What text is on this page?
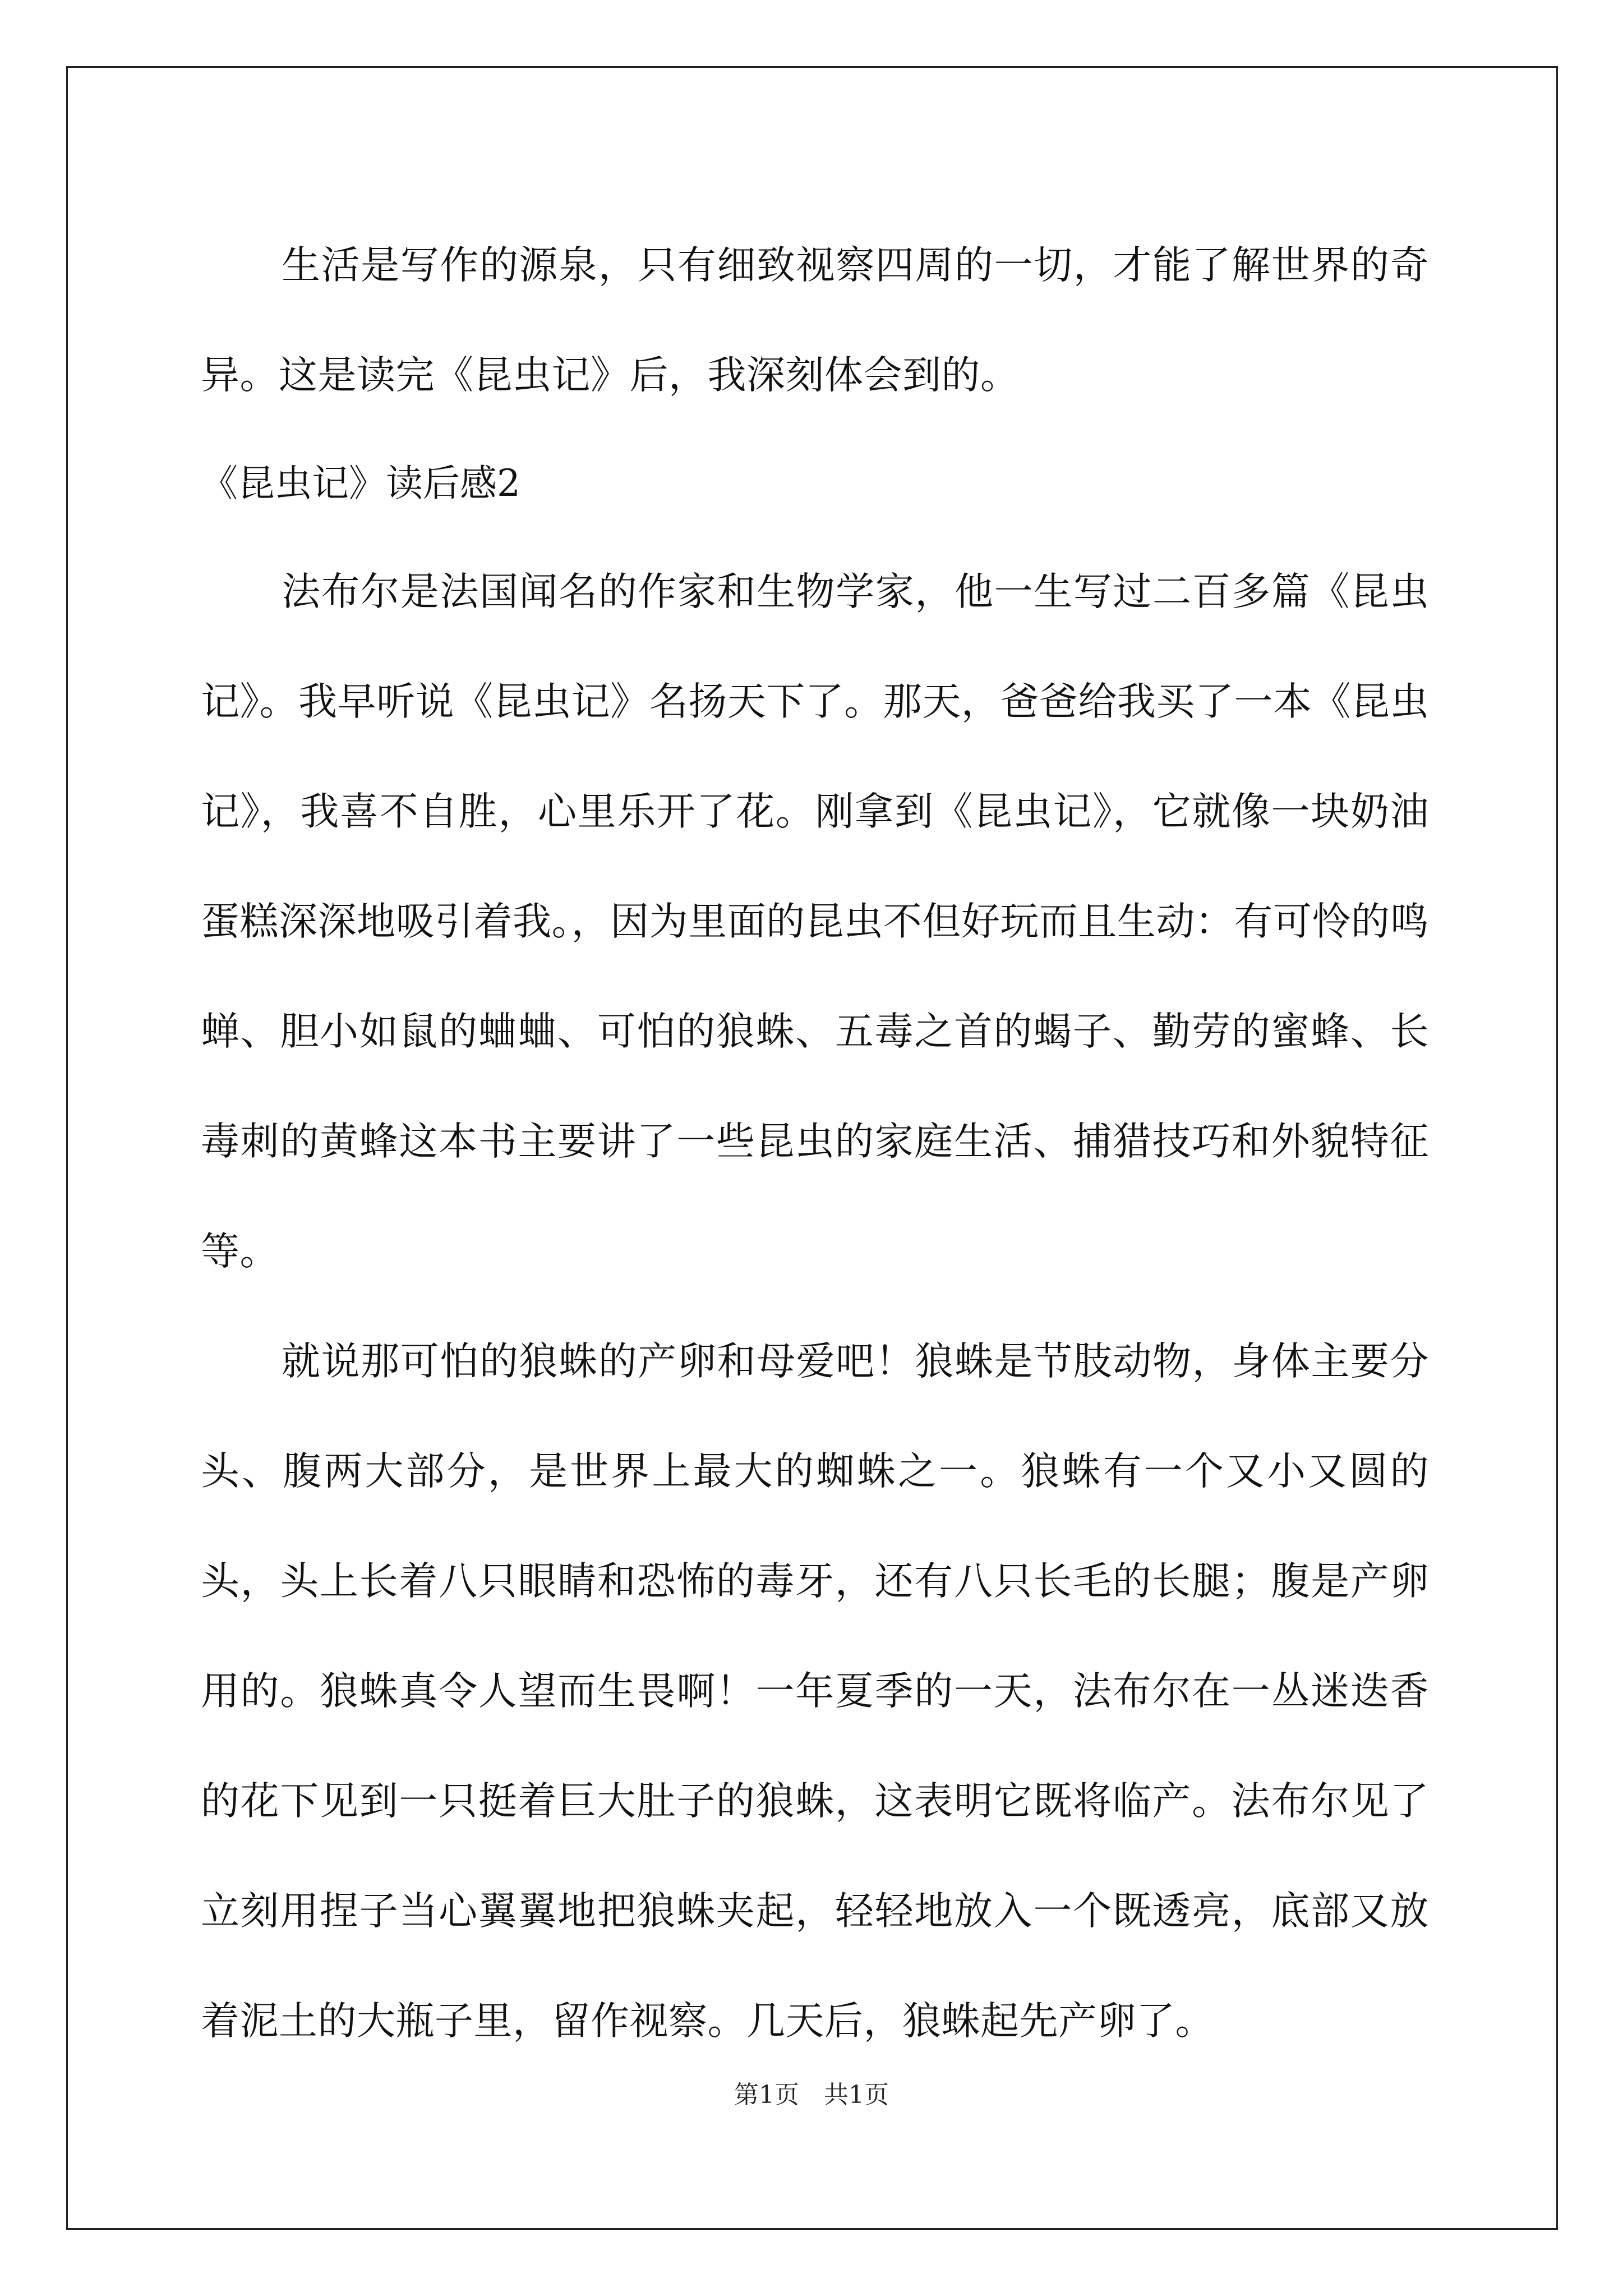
生活是写作的源泉，只有细致视察四周的一切，才能了解世界的奇异。这是读完《昆虫记》后，我深刻体会到的。

《昆虫记》读后感2

法布尔是法国闻名的作家和生物学家，他一生写过二百多篇《昆虫记》。我早听说《昆虫记》名扬天下了。那天，爸爸给我买了一本《昆虫记》，我喜不自胜，心里乐开了花。刚拿到《昆虫记》，它就像一块奶油蛋糕深深地吸引着我。，因为里面的昆虫不但好玩而且生动：有可怜的鸣蝉、胆小如鼠的蛐蛐、可怕的狼蛛、五毒之首的蝎子、勤劳的蜜蜂、长毒刺的黄蜂这本书主要讲了一些昆虫的家庭生活、捕猎技巧和外貌特征等。

就说那可怕的狼蛛的产卵和母爱吧！狼蛛是节肢动物，身体主要分头、腹两大部分，是世界上最大的蜘蛛之一。狼蛛有一个又小又圆的头，头上长着八只眼睛和恐怖的毒牙，还有八只长毛的长腿；腹是产卵用的。狼蛛真令人望而生畏啊！一年夏季的一天，法布尔在一丛迷迭香的花下见到一只挺着巨大肚子的狼蛛，这表明它既将临产。法布尔见了立刻用捏子当心翼翼地把狼蛛夹起，轻轻地放入一个既透亮，底部又放着泥土的大瓶子里，留作视察。几天后，狼蛛起先产卵了。

第1页　共1页
